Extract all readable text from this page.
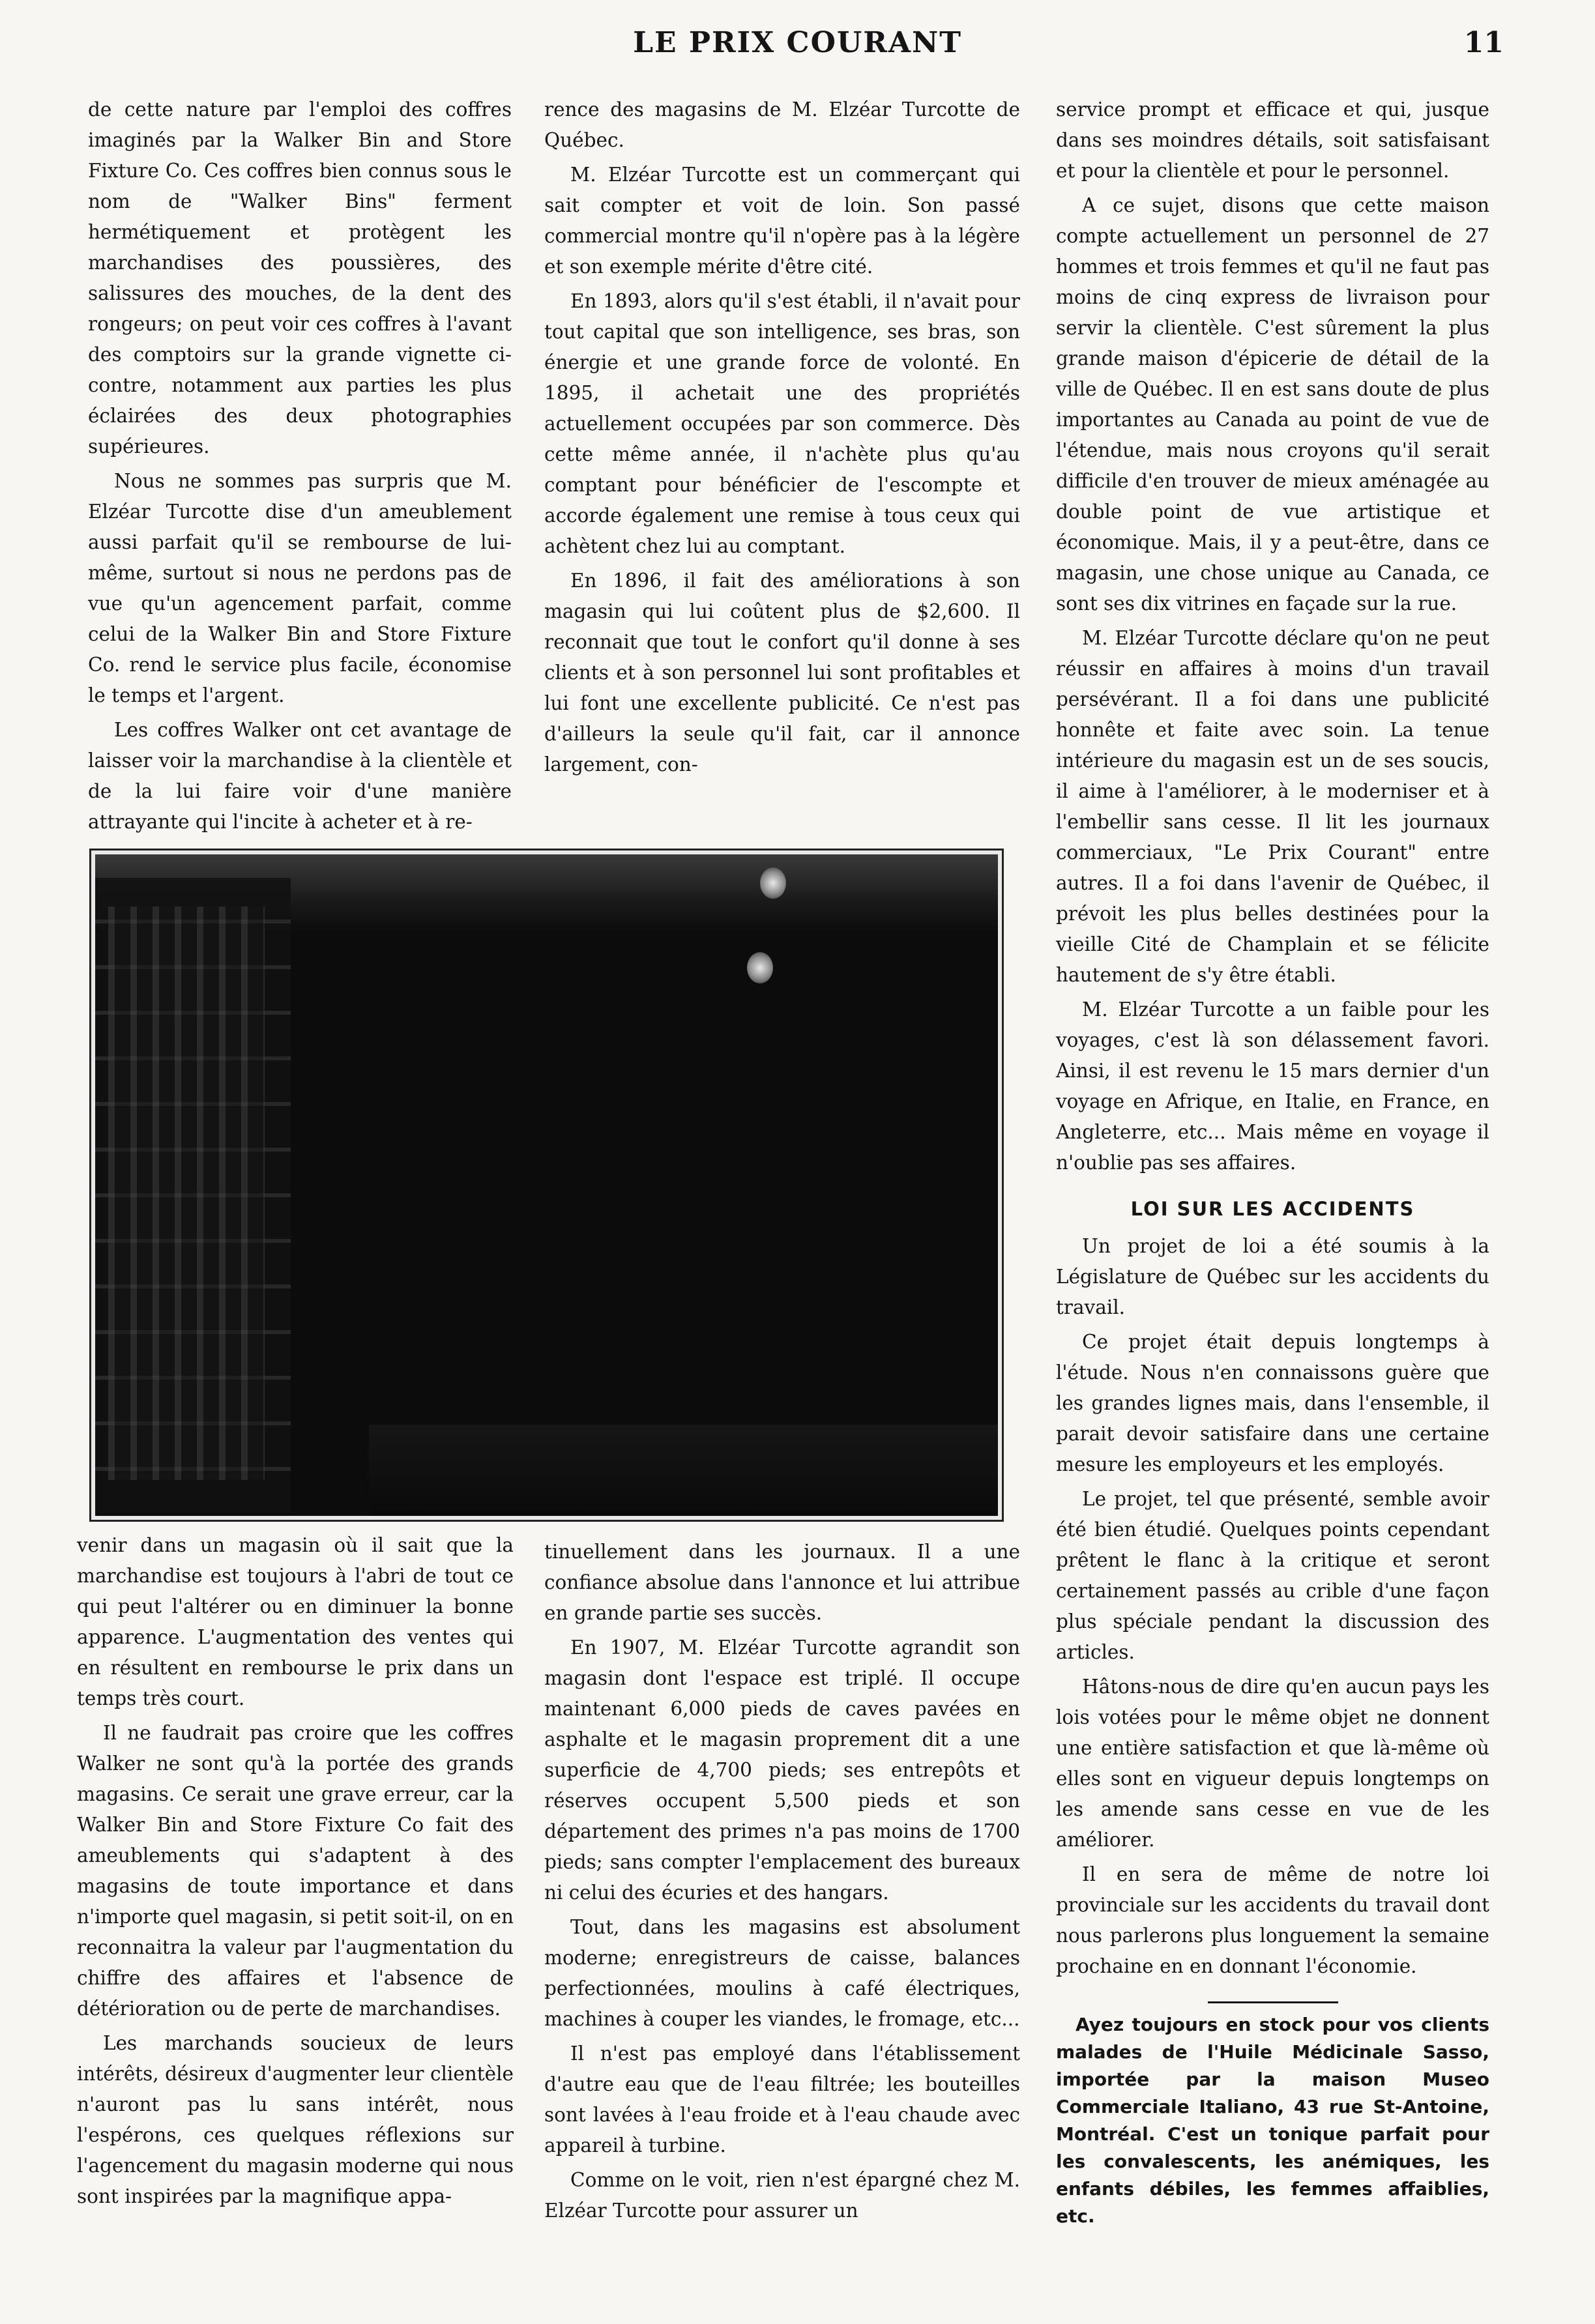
LE PRIX COURANT	11

de cette nature par l'emploi des coffres imaginés par la Walker Bin and Store Fixture Co. Ces coffres bien connus sous le nom de "Walker Bins" ferment hermétiquement et protègent les marchandises des poussières, des salissures des mouches, de la dent des rongeurs; on peut voir ces coffres à l'avant des comptoirs sur la grande vignette ci-contre, notamment aux parties les plus éclairées des deux photographies supérieures.

Nous ne sommes pas surpris que M. Elzéar Turcotte dise d'un ameublement aussi parfait qu'il se rembourse de lui-même, surtout si nous ne perdons pas de vue qu'un agencement parfait, comme celui de la Walker Bin and Store Fixture Co. rend le service plus facile, économise le temps et l'argent.

Les coffres Walker ont cet avantage de laisser voir la marchandise à la clientèle et de la lui faire voir d'une manière attrayante qui l'incite à acheter et à re-

rence des magasins de M. Elzéar Turcotte de Québec.

M. Elzéar Turcotte est un commerçant qui sait compter et voit de loin. Son passé commercial montre qu'il n'opère pas à la légère et son exemple mérite d'être cité.

En 1893, alors qu'il s'est établi, il n'avait pour tout capital que son intelligence, ses bras, son énergie et une grande force de volonté. En 1895, il achetait une des propriétés actuellement occupées par son commerce. Dès cette même année, il n'achète plus qu'au comptant pour bénéficier de l'escompte et accorde également une remise à tous ceux qui achètent chez lui au comptant.

En 1896, il fait des améliorations à son magasin qui lui coûtent plus de $2,600. Il reconnait que tout le confort qu'il donne à ses clients et à son personnel lui sont profitables et lui font une excellente publicité. Ce n'est pas d'ailleurs la seule qu'il fait, car il annonce largement, con-

service prompt et efficace et qui, jusque dans ses moindres détails, soit satisfaisant et pour la clientèle et pour le personnel.

A ce sujet, disons que cette maison compte actuellement un personnel de 27 hommes et trois femmes et qu'il ne faut pas moins de cinq express de livraison pour servir la clientèle. C'est sûrement la plus grande maison d'épicerie de détail de la ville de Québec. Il en est sans doute de plus importantes au Canada au point de vue de l'étendue, mais nous croyons qu'il serait difficile d'en trouver de mieux aménagée au double point de vue artistique et économique. Mais, il y a peut-être, dans ce magasin, une chose unique au Canada, ce sont ses dix vitrines en façade sur la rue.

M. Elzéar Turcotte déclare qu'on ne peut réussir en affaires à moins d'un travail persévérant. Il a foi dans une publicité honnête et faite avec soin. La tenue intérieure du magasin est un de ses soucis, il aime à l'améliorer, à le moderniser et à l'embellir sans cesse. Il lit les journaux commerciaux, "Le Prix Courant" entre autres. Il a foi dans l'avenir de Québec, il prévoit les plus belles destinées pour la vieille Cité de Champlain et se félicite hautement de s'y être établi.

M. Elzéar Turcotte a un faible pour les voyages, c'est là son délassement favori. Ainsi, il est revenu le 15 mars dernier d'un voyage en Afrique, en Italie, en France, en Angleterre, etc... Mais même en voyage il n'oublie pas ses affaires.

LOI SUR LES ACCIDENTS

Un projet de loi a été soumis à la Législature de Québec sur les accidents du travail.

Ce projet était depuis longtemps à l'étude. Nous n'en connaissons guère que les grandes lignes mais, dans l'ensemble, il parait devoir satisfaire dans une certaine mesure les employeurs et les employés.

Le projet, tel que présenté, semble avoir été bien étudié. Quelques points cependant prêtent le flanc à la critique et seront certainement passés au crible d'une façon plus spéciale pendant la discussion des articles.

Hâtons-nous de dire qu'en aucun pays les lois votées pour le même objet ne donnent une entière satisfaction et que là-même où elles sont en vigueur depuis longtemps on les amende sans cesse en vue de les améliorer.

Il en sera de même de notre loi provinciale sur les accidents du travail dont nous parlerons plus longuement la semaine prochaine en en donnant l'économie.

Ayez toujours en stock pour vos clients malades de l'Huile Médicinale Sasso, importée par la maison Museo Commerciale Italiano, 43 rue St-Antoine, Montréal. C'est un tonique parfait pour les convalescents, les anémiques, les enfants débiles, les femmes affaiblies, etc.

venir dans un magasin où il sait que la marchandise est toujours à l'abri de tout ce qui peut l'altérer ou en diminuer la bonne apparence. L'augmentation des ventes qui en résultent en rembourse le prix dans un temps très court.

Il ne faudrait pas croire que les coffres Walker ne sont qu'à la portée des grands magasins. Ce serait une grave erreur, car la Walker Bin and Store Fixture Co fait des ameublements qui s'adaptent à des magasins de toute importance et dans n'importe quel magasin, si petit soit-il, on en reconnaitra la valeur par l'augmentation du chiffre des affaires et l'absence de détérioration ou de perte de marchandises.

Les marchands soucieux de leurs intérêts, désireux d'augmenter leur clientèle n'auront pas lu sans intérêt, nous l'espérons, ces quelques réflexions sur l'agencement du magasin moderne qui nous sont inspirées par la magnifique appa-

tinuellement dans les journaux. Il a une confiance absolue dans l'annonce et lui attribue en grande partie ses succès.

En 1907, M. Elzéar Turcotte agrandit son magasin dont l'espace est triplé. Il occupe maintenant 6,000 pieds de caves pavées en asphalte et le magasin proprement dit a une superficie de 4,700 pieds; ses entrepôts et réserves occupent 5,500 pieds et son département des primes n'a pas moins de 1700 pieds; sans compter l'emplacement des bureaux ni celui des écuries et des hangars.

Tout, dans les magasins est absolument moderne; enregistreurs de caisse, balances perfectionnées, moulins à café électriques, machines à couper les viandes, le fromage, etc...

Il n'est pas employé dans l'établissement d'autre eau que de l'eau filtrée; les bouteilles sont lavées à l'eau froide et à l'eau chaude avec appareil à turbine.

Comme on le voit, rien n'est épargné chez M. Elzéar Turcotte pour assurer un
